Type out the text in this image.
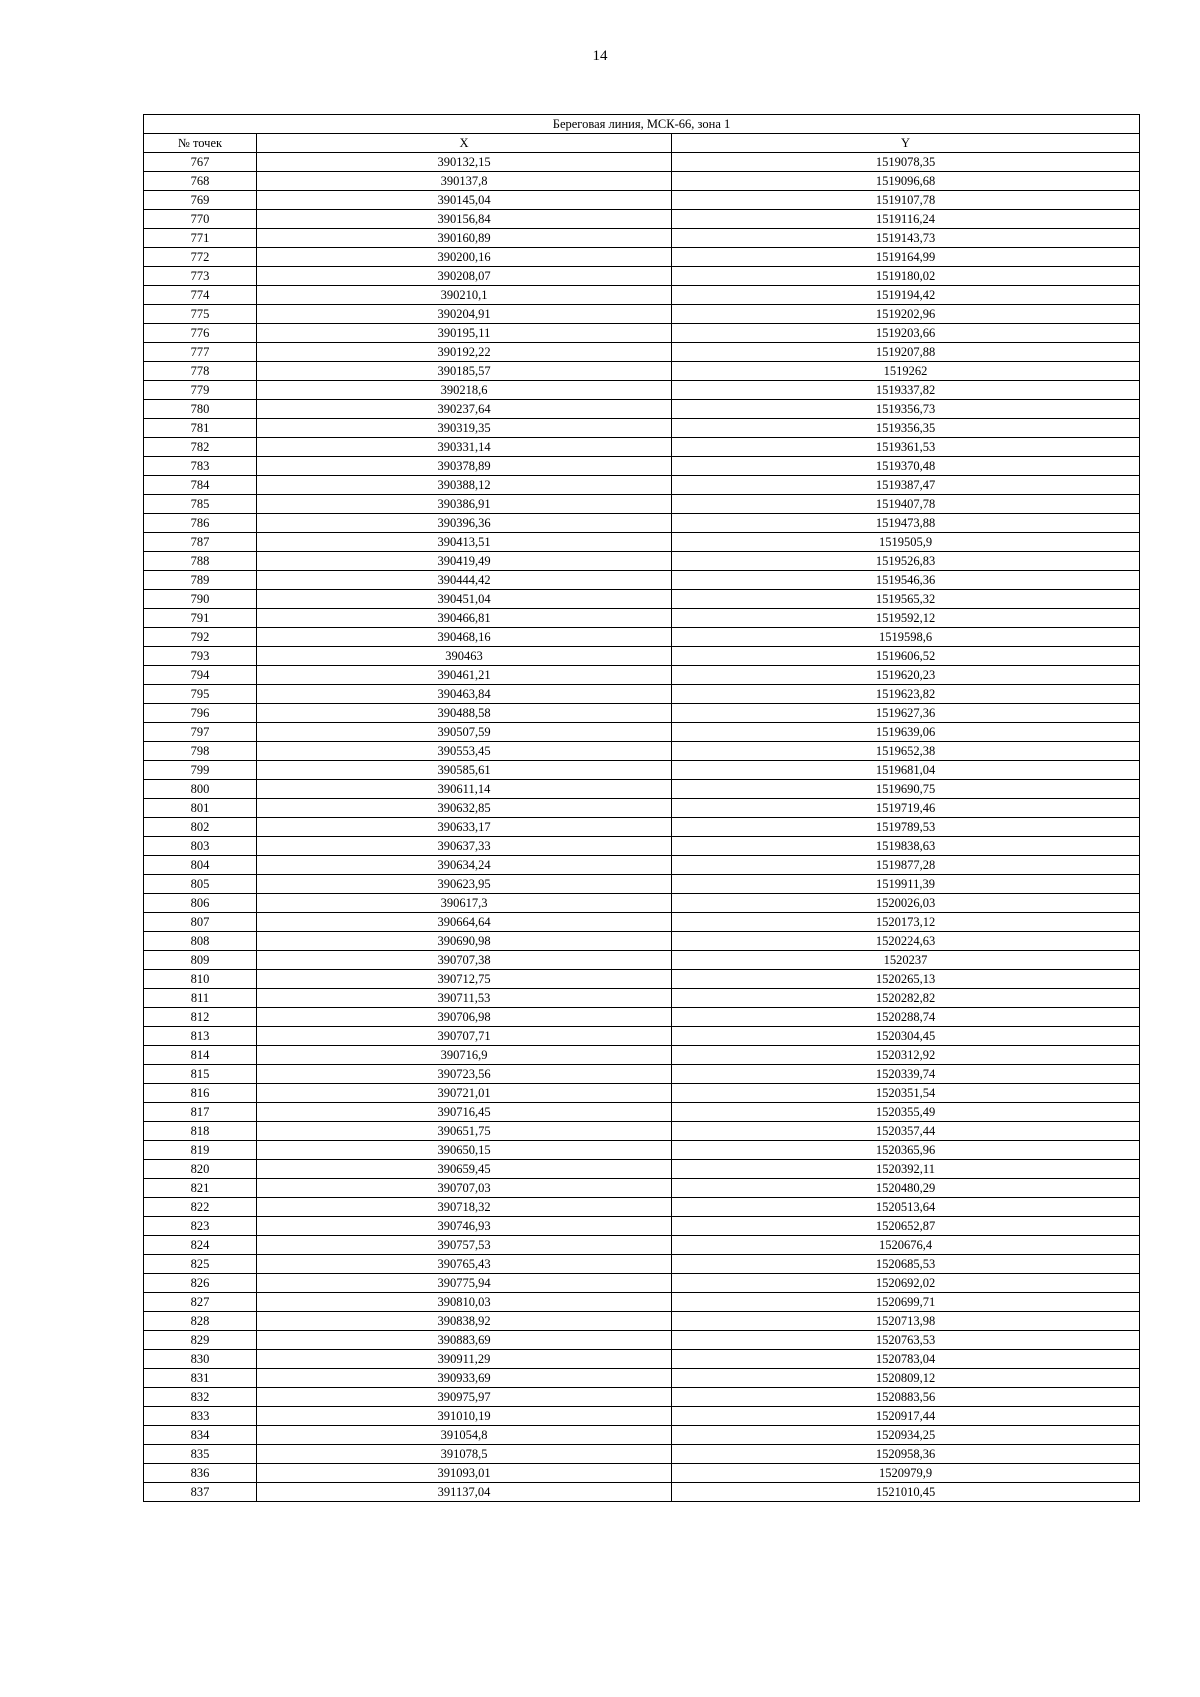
14
Береговая линия, МСК-66, зона 1		
№ точек	X	Y
767	390132,15	1519078,35
768	390137,8	1519096,68
769	390145,04	1519107,78
770	390156,84	1519116,24
771	390160,89	1519143,73
772	390200,16	1519164,99
773	390208,07	1519180,02
774	390210,1	1519194,42
775	390204,91	1519202,96
776	390195,11	1519203,66
777	390192,22	1519207,88
778	390185,57	1519262
779	390218,6	1519337,82
780	390237,64	1519356,73
781	390319,35	1519356,35
782	390331,14	1519361,53
783	390378,89	1519370,48
784	390388,12	1519387,47
785	390386,91	1519407,78
786	390396,36	1519473,88
787	390413,51	1519505,9
788	390419,49	1519526,83
789	390444,42	1519546,36
790	390451,04	1519565,32
791	390466,81	1519592,12
792	390468,16	1519598,6
793	390463	1519606,52
794	390461,21	1519620,23
795	390463,84	1519623,82
796	390488,58	1519627,36
797	390507,59	1519639,06
798	390553,45	1519652,38
799	390585,61	1519681,04
800	390611,14	1519690,75
801	390632,85	1519719,46
802	390633,17	1519789,53
803	390637,33	1519838,63
804	390634,24	1519877,28
805	390623,95	1519911,39
806	390617,3	1520026,03
807	390664,64	1520173,12
808	390690,98	1520224,63
809	390707,38	1520237
810	390712,75	1520265,13
811	390711,53	1520282,82
812	390706,98	1520288,74
813	390707,71	1520304,45
814	390716,9	1520312,92
815	390723,56	1520339,74
816	390721,01	1520351,54
817	390716,45	1520355,49
818	390651,75	1520357,44
819	390650,15	1520365,96
820	390659,45	1520392,11
821	390707,03	1520480,29
822	390718,32	1520513,64
823	390746,93	1520652,87
824	390757,53	1520676,4
825	390765,43	1520685,53
826	390775,94	1520692,02
827	390810,03	1520699,71
828	390838,92	1520713,98
829	390883,69	1520763,53
830	390911,29	1520783,04
831	390933,69	1520809,12
832	390975,97	1520883,56
833	391010,19	1520917,44
834	391054,8	1520934,25
835	391078,5	1520958,36
836	391093,01	1520979,9
837	391137,04	1521010,45
